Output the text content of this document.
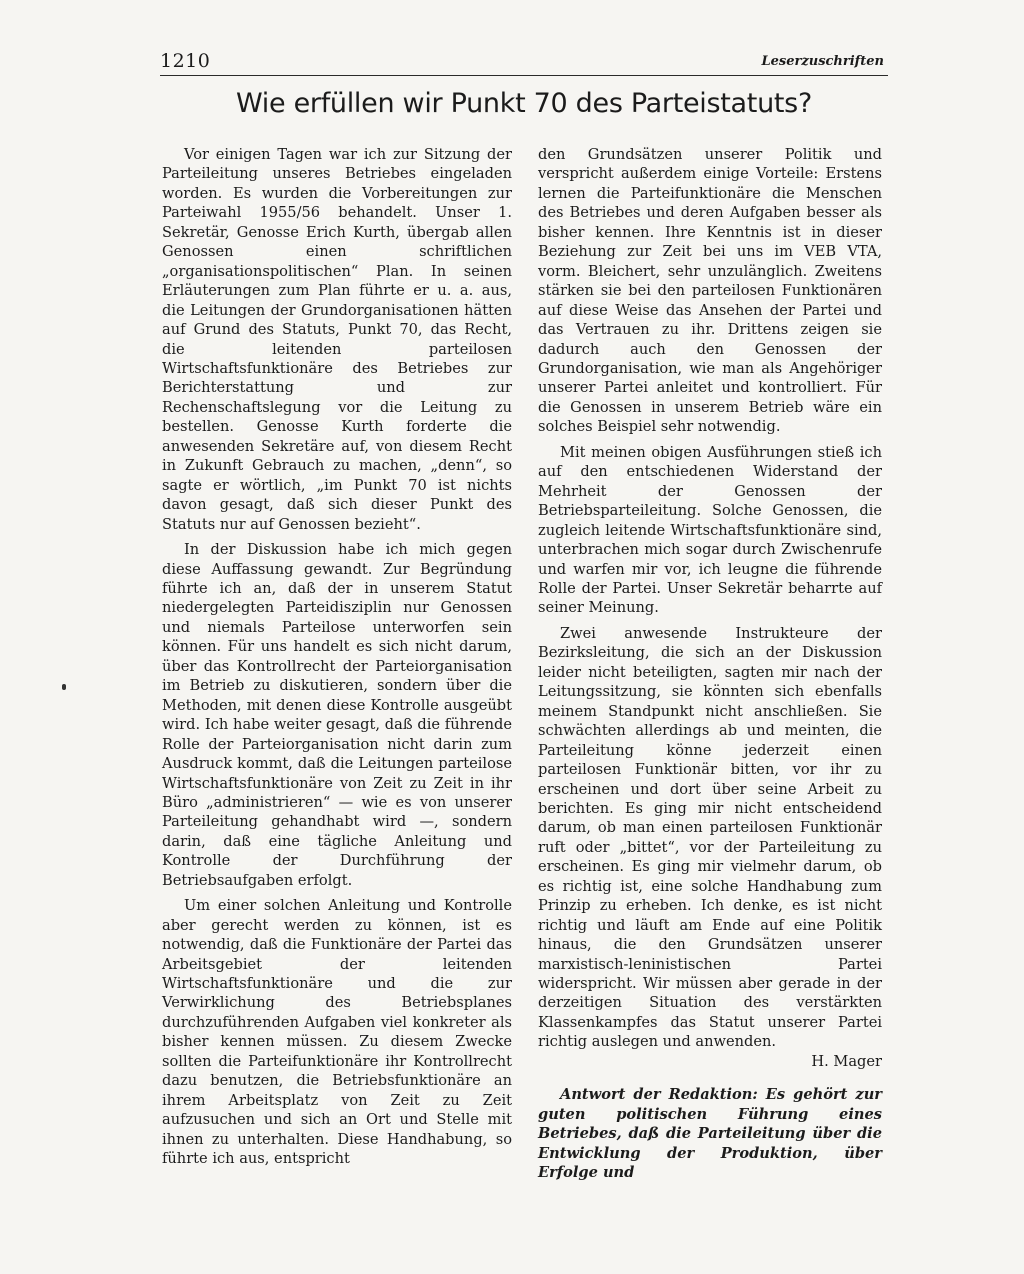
1210	Leserzuschriften
Wie erfüllen wir Punkt 70 des Parteistatuts?

Vor einigen Tagen war ich zur Sitzung der Parteileitung unseres Betriebes eingeladen worden. Es wurden die Vorbereitungen zur Parteiwahl 1955/56 behandelt. Unser 1. Sekretär, Genosse Erich Kurth, übergab allen Genossen einen schriftlichen „organisationspolitischen“ Plan. In seinen Erläuterungen zum Plan führte er u. a. aus, die Leitungen der Grundorganisationen hätten auf Grund des Statuts, Punkt 70, das Recht, die leitenden parteilosen Wirtschaftsfunktionäre des Betriebes zur Berichterstattung und zur Rechenschaftslegung vor die Leitung zu bestellen. Genosse Kurth forderte die anwesenden Sekretäre auf, von diesem Recht in Zukunft Gebrauch zu machen, „denn“, so sagte er wörtlich, „im Punkt 70 ist nichts davon gesagt, daß sich dieser Punkt des Statuts nur auf Genossen bezieht“.

In der Diskussion habe ich mich gegen diese Auffassung gewandt. Zur Begründung führte ich an, daß der in unserem Statut niedergelegten Parteidisziplin nur Genossen und niemals Parteilose unterworfen sein können. Für uns handelt es sich nicht darum, über das Kontrollrecht der Parteiorganisation im Betrieb zu diskutieren, sondern über die Methoden, mit denen diese Kontrolle ausgeübt wird. Ich habe weiter gesagt, daß die führende Rolle der Parteiorganisation nicht darin zum Ausdruck kommt, daß die Leitungen parteilose Wirtschaftsfunktionäre von Zeit zu Zeit in ihr Büro „administrieren“ — wie es von unserer Parteileitung gehandhabt wird —, sondern darin, daß eine tägliche Anleitung und Kontrolle der Durchführung der Betriebsaufgaben erfolgt.

Um einer solchen Anleitung und Kontrolle aber gerecht werden zu können, ist es notwendig, daß die Funktionäre der Partei das Arbeitsgebiet der leitenden Wirtschaftsfunktionäre und die zur Verwirklichung des Betriebsplanes durchzuführenden Aufgaben viel konkreter als bisher kennen müssen. Zu diesem Zwecke sollten die Parteifunktionäre ihr Kontrollrecht dazu benutzen, die Betriebsfunktionäre an ihrem Arbeitsplatz von Zeit zu Zeit aufzusuchen und sich an Ort und Stelle mit ihnen zu unterhalten. Diese Handhabung, so führte ich aus, entspricht

den Grundsätzen unserer Politik und verspricht außerdem einige Vorteile: Erstens lernen die Parteifunktionäre die Menschen des Betriebes und deren Aufgaben besser als bisher kennen. Ihre Kenntnis ist in dieser Beziehung zur Zeit bei uns im VEB VTA, vorm. Bleichert, sehr unzulänglich. Zweitens stärken sie bei den parteilosen Funktionären auf diese Weise das Ansehen der Partei und das Vertrauen zu ihr. Drittens zeigen sie dadurch auch den Genossen der Grundorganisation, wie man als Angehöriger unserer Partei anleitet und kontrolliert. Für die Genossen in unserem Betrieb wäre ein solches Beispiel sehr notwendig.

Mit meinen obigen Ausführungen stieß ich auf den entschiedenen Widerstand der Mehrheit der Genossen der Betriebsparteileitung. Solche Genossen, die zugleich leitende Wirtschaftsfunktionäre sind, unterbrachen mich sogar durch Zwischenrufe und warfen mir vor, ich leugne die führende Rolle der Partei. Unser Sekretär beharrte auf seiner Meinung.

Zwei anwesende Instrukteure der Bezirksleitung, die sich an der Diskussion leider nicht beteiligten, sagten mir nach der Leitungssitzung, sie könnten sich ebenfalls meinem Standpunkt nicht anschließen. Sie schwächten allerdings ab und meinten, die Parteileitung könne jederzeit einen parteilosen Funktionär bitten, vor ihr zu erscheinen und dort über seine Arbeit zu berichten. Es ging mir nicht entscheidend darum, ob man einen parteilosen Funktionär ruft oder „bittet“, vor der Parteileitung zu erscheinen. Es ging mir vielmehr darum, ob es richtig ist, eine solche Handhabung zum Prinzip zu erheben. Ich denke, es ist nicht richtig und läuft am Ende auf eine Politik hinaus, die den Grundsätzen unserer marxistisch-leninistischen Partei widerspricht. Wir müssen aber gerade in der derzeitigen Situation des verstärkten Klassenkampfes das Statut unserer Partei richtig auslegen und anwenden.

H. Mager

Antwort der Redaktion: Es gehört zur guten politischen Führung eines Betriebes, daß die Parteileitung über die Entwicklung der Produktion, über Erfolge und
